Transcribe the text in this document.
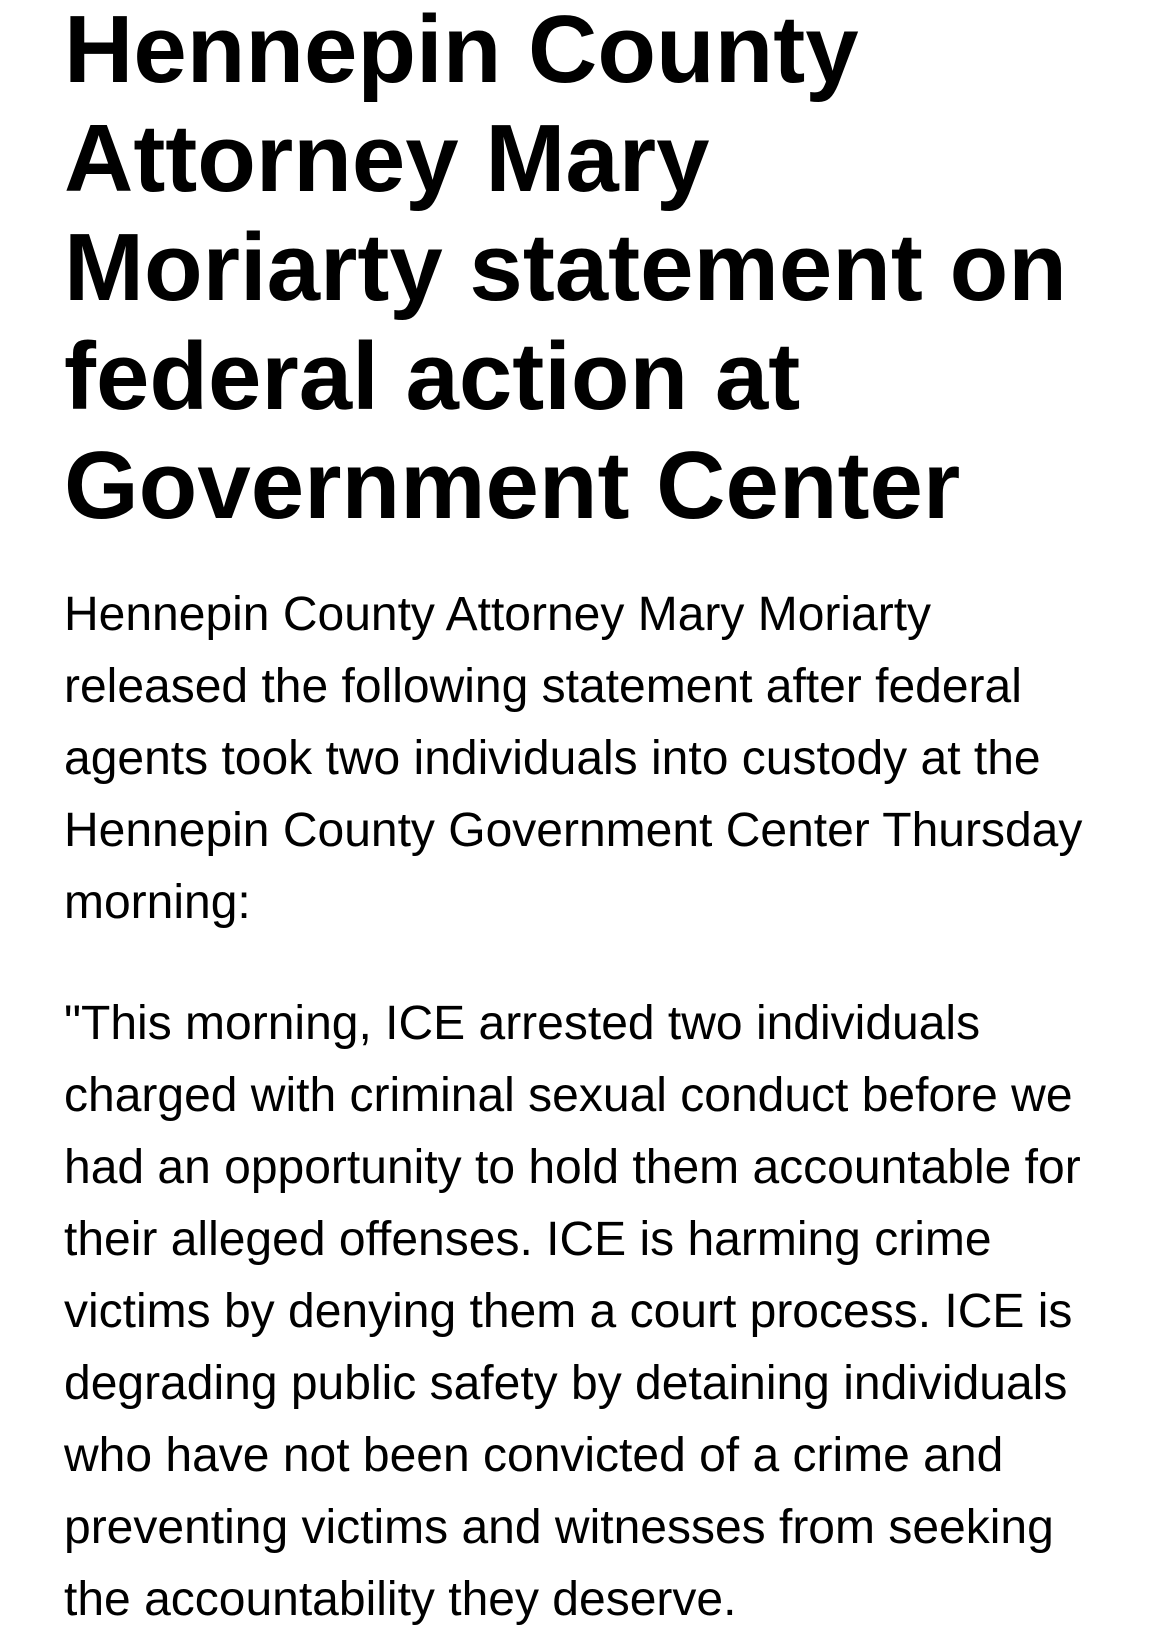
Hennepin County Attorney Mary Moriarty statement on federal action at Government Center

Hennepin County Attorney Mary Moriarty released the following statement after federal agents took two individuals into custody at the Hennepin County Government Center Thursday morning:

"This morning, ICE arrested two individuals charged with criminal sexual conduct before we had an opportunity to hold them accountable for their alleged offenses. ICE is harming crime victims by denying them a court process. ICE is degrading public safety by detaining individuals who have not been convicted of a crime and preventing victims and witnesses from seeking the accountability they deserve.
